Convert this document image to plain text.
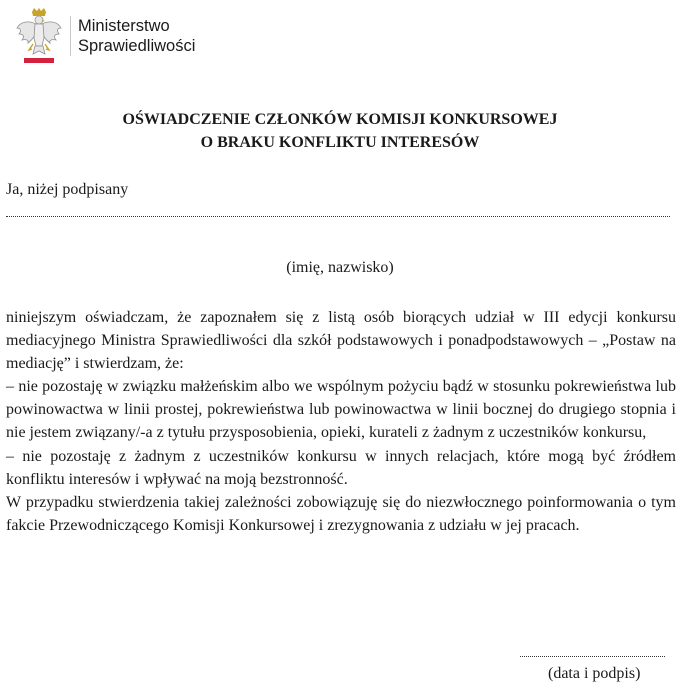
Ministerstwo
Sprawiedliwości
OŚWIADCZENIE CZŁONKÓW KOMISJI KONKURSOWEJ
O BRAKU KONFLIKTU INTERESÓW
Ja, niżej podpisany
(imię, nazwisko)

niniejszym oświadczam, że zapoznałem się z listą osób biorących udział w III edycji konkursu mediacyjnego Ministra Sprawiedliwości dla szkół podstawowych i ponadpodstawowych – „Postaw na mediację” i stwierdzam, że:

– nie pozostaję w związku małżeńskim albo we wspólnym pożyciu bądź w stosunku pokrewieństwa lub powinowactwa w linii prostej, pokrewieństwa lub powinowactwa w linii bocznej do drugiego stopnia i nie jestem związany/-a z tytułu przysposobienia, opieki, kurateli z żadnym z uczestników konkursu,

– nie pozostaję z żadnym z uczestników konkursu w innych relacjach, które mogą być źródłem konfliktu interesów i wpływać na moją bezstronność.

W przypadku stwierdzenia takiej zależności zobowiązuję się do niezwłocznego poinformowania o tym fakcie Przewodniczącego Komisji Konkursowej i zrezygnowania z udziału w jej pracach.

(data i podpis)
